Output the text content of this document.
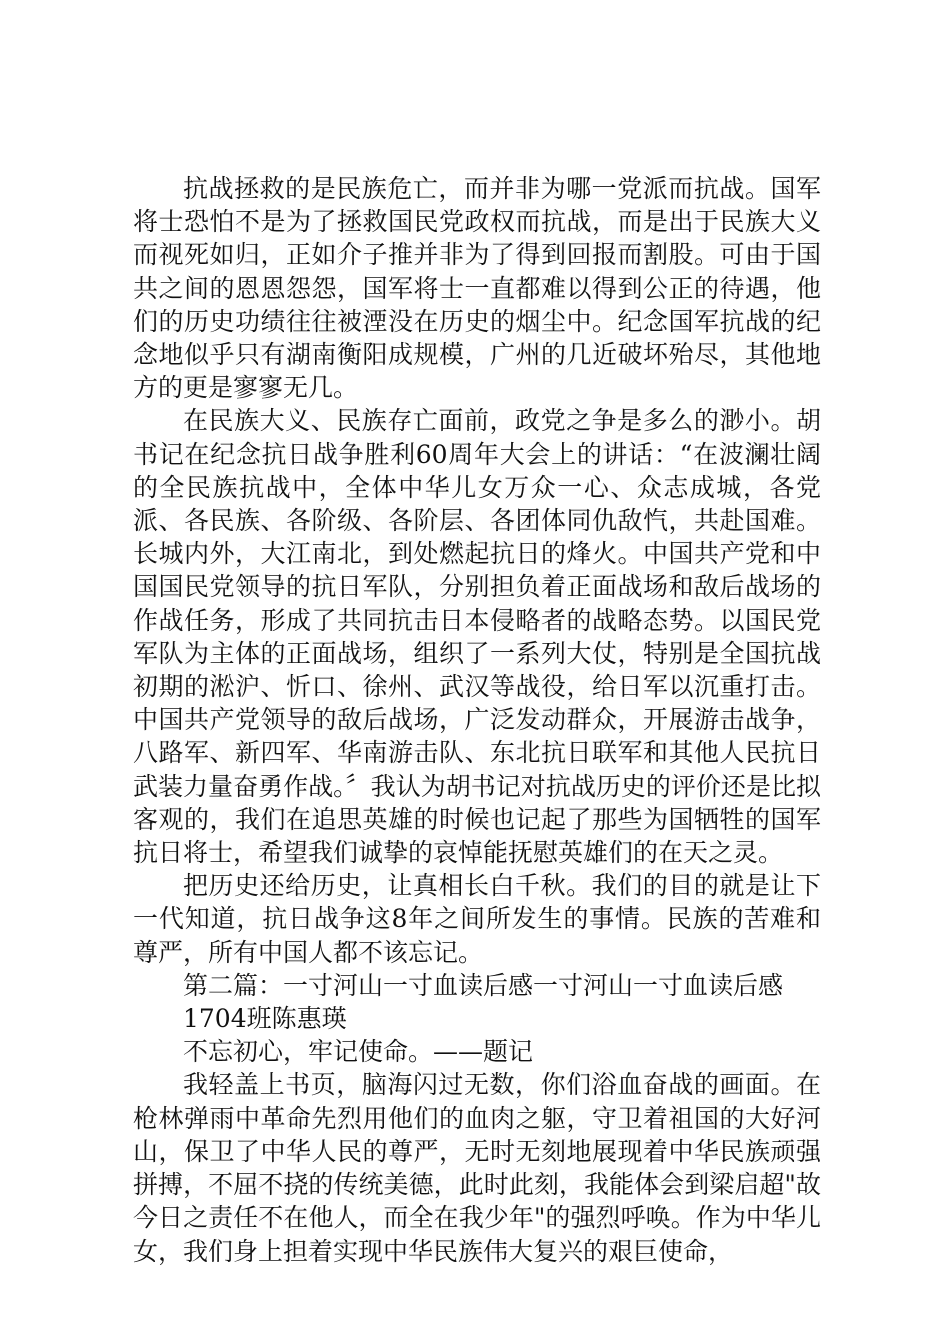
抗战拯救的是民族危亡，而并非为哪一党派而抗战。国军将士恐怕不是为了拯救国民党政权而抗战，而是出于民族大义而视死如归，正如介子推并非为了得到回报而割股。可由于国共之间的恩恩怨怨，国军将士一直都难以得到公正的待遇，他们的历史功绩往往被湮没在历史的烟尘中。纪念国军抗战的纪念地似乎只有湖南衡阳成规模，广州的几近破坏殆尽，其他地方的更是寥寥无几。

在民族大义、民族存亡面前，政党之争是多么的渺小。胡书记在纪念抗日战争胜利60周年大会上的讲话：“在波澜壮阔的全民族抗战中，全体中华儿女万众一心、众志成城，各党派、各民族、各阶级、各阶层、各团体同仇敌忾，共赴国难。长城内外，大江南北，到处燃起抗日的烽火。中国共产党和中国国民党领导的抗日军队，分别担负着正面战场和敌后战场的作战任务，形成了共同抗击日本侵略者的战略态势。以国民党军队为主体的正面战场，组织了一系列大仗，特别是全国抗战初期的淞沪、忻口、徐州、武汉等战役，给日军以沉重打击。中国共产党领导的敌后战场，广泛发动群众，开展游击战争，八路军、新四军、华南游击队、东北抗日联军和其他人民抗日武装力量奋勇作战。〞我认为胡书记对抗战历史的评价还是比拟客观的，我们在追思英雄的时候也记起了那些为国牺牲的国军抗日将士，希望我们诚挚的哀悼能抚慰英雄们的在天之灵。

把历史还给历史，让真相长白千秋。我们的目的就是让下一代知道，抗日战争这8年之间所发生的事情。民族的苦难和尊严，所有中国人都不该忘记。

第二篇：一寸河山一寸血读后感一寸河山一寸血读后感

1704班陈惠瑛

不忘初心，牢记使命。——题记

我轻盖上书页，脑海闪过无数，你们浴血奋战的画面。在枪林弹雨中革命先烈用他们的血肉之躯，守卫着祖国的大好河山，保卫了中华人民的尊严，无时无刻地展现着中华民族顽强拼搏，不屈不挠的传统美德，此时此刻，我能体会到梁启超"故今日之责任不在他人，而全在我少年"的强烈呼唤。作为中华儿女，我们身上担着实现中华民族伟大复兴的艰巨使命，
